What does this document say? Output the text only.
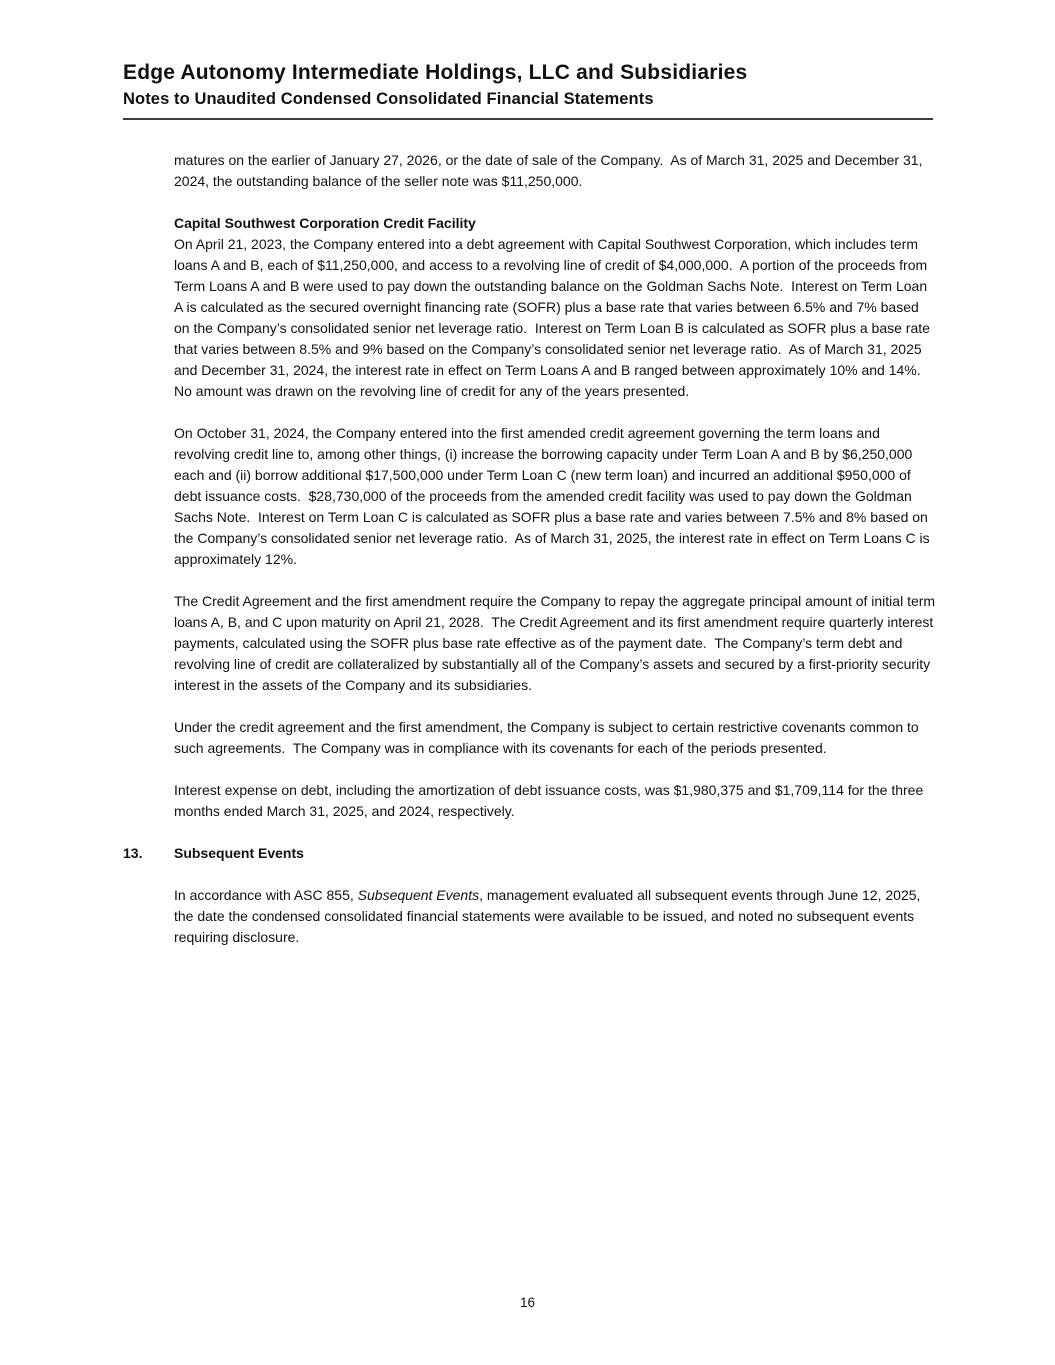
Edge Autonomy Intermediate Holdings, LLC and Subsidiaries
Notes to Unaudited Condensed Consolidated Financial Statements

matures on the earlier of January 27, 2026, or the date of sale of the Company.  As of March 31, 2025 and December 31, 2024, the outstanding balance of the seller note was $11,250,000.

Capital Southwest Corporation Credit Facility

On April 21, 2023, the Company entered into a debt agreement with Capital Southwest Corporation, which includes term loans A and B, each of $11,250,000, and access to a revolving line of credit of $4,000,000.  A portion of the proceeds from Term Loans A and B were used to pay down the outstanding balance on the Goldman Sachs Note.  Interest on Term Loan A is calculated as the secured overnight financing rate (SOFR) plus a base rate that varies between 6.5% and 7% based on the Company’s consolidated senior net leverage ratio.  Interest on Term Loan B is calculated as SOFR plus a base rate that varies between 8.5% and 9% based on the Company’s consolidated senior net leverage ratio.  As of March 31, 2025 and December 31, 2024, the interest rate in effect on Term Loans A and B ranged between approximately 10% and 14%.  No amount was drawn on the revolving line of credit for any of the years presented.

On October 31, 2024, the Company entered into the first amended credit agreement governing the term loans and revolving credit line to, among other things, (i) increase the borrowing capacity under Term Loan A and B by $6,250,000 each and (ii) borrow additional $17,500,000 under Term Loan C (new term loan) and incurred an additional $950,000 of debt issuance costs.  $28,730,000 of the proceeds from the amended credit facility was used to pay down the Goldman Sachs Note.  Interest on Term Loan C is calculated as SOFR plus a base rate and varies between 7.5% and 8% based on the Company’s consolidated senior net leverage ratio.  As of March 31, 2025, the interest rate in effect on Term Loans C is approximately 12%.

The Credit Agreement and the first amendment require the Company to repay the aggregate principal amount of initial term loans A, B, and C upon maturity on April 21, 2028.  The Credit Agreement and its first amendment require quarterly interest payments, calculated using the SOFR plus base rate effective as of the payment date.  The Company’s term debt and revolving line of credit are collateralized by substantially all of the Company’s assets and secured by a first-priority security interest in the assets of the Company and its subsidiaries.

Under the credit agreement and the first amendment, the Company is subject to certain restrictive covenants common to such agreements.  The Company was in compliance with its covenants for each of the periods presented.

Interest expense on debt, including the amortization of debt issuance costs, was $1,980,375 and $1,709,114 for the three months ended March 31, 2025, and 2024, respectively.

13.	Subsequent Events

In accordance with ASC 855, Subsequent Events, management evaluated all subsequent events through June 12, 2025, the date the condensed consolidated financial statements were available to be issued, and noted no subsequent events requiring disclosure.

16
